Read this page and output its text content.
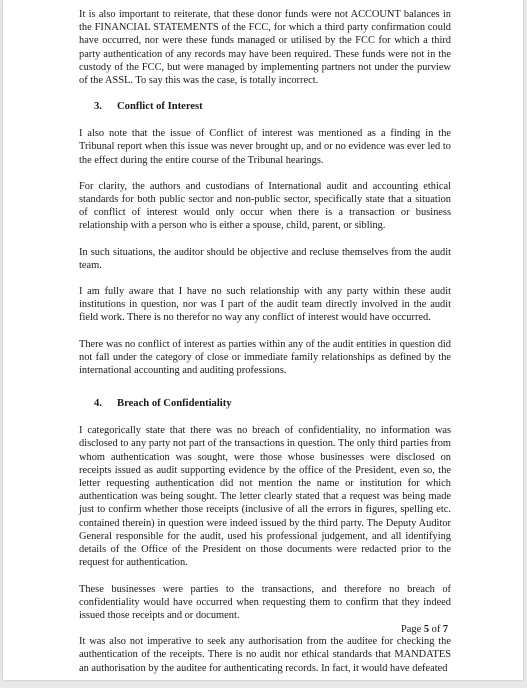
It is also important to reiterate, that these donor funds were not ACCOUNT balances in the FINANCIAL STATEMENTS of the FCC, for which a third party confirmation could have occurred, nor were these funds managed or utilised by the FCC for which a third party authentication of any records may have been required. These funds were not in the custody of the FCC, but were managed by implementing partners not under the purview of the ASSL. To say this was the case, is totally incorrect.

3. Conflict of Interest

I also note that the issue of Conflict of interest was mentioned as a finding in the Tribunal report when this issue was never brought up, and or no evidence was ever led to the effect during the entire course of the Tribunal hearings.

For clarity, the authors and custodians of International audit and accounting ethical standards for both public sector and non-public sector, specifically state that a situation of conflict of interest would only occur when there is a transaction or business relationship with a person who is either a spouse, child, parent, or sibling.

In such situations, the auditor should be objective and recluse themselves from the audit team.

I am fully aware that I have no such relationship with any party within these audit institutions in question, nor was I part of the audit team directly involved in the audit field work. There is no therefor no way any conflict of interest would have occurred.

There was no conflict of interest as parties within any of the audit entities in question did not fall under the category of close or immediate family relationships as defined by the international accounting and auditing professions.

4. Breach of Confidentiality

I categorically state that there was no breach of confidentiality, no information was disclosed to any party not part of the transactions in question. The only third parties from whom authentication was sought, were those whose businesses were disclosed on receipts issued as audit supporting evidence by the office of the President, even so, the letter requesting authentication did not mention the name or institution for which authentication was being sought. The letter clearly stated that a request was being made just to confirm whether those receipts (inclusive of all the errors in figures, spelling etc. contained therein) in question were indeed issued by the third party. The Deputy Auditor General responsible for the audit, used his professional judgement, and all identifying details of the Office of the President on those documents were redacted prior to the request for authentication.

These businesses were parties to the transactions, and therefore no breach of confidentiality would have occurred when requesting them to confirm that they indeed issued those receipts and or document.

It was also not imperative to seek any authorisation from the auditee for checking the authentication of the receipts. There is no audit nor ethical standards that MANDATES an authorisation by the auditee for authenticating records. In fact, it would have defeated

Page 5 of 7
